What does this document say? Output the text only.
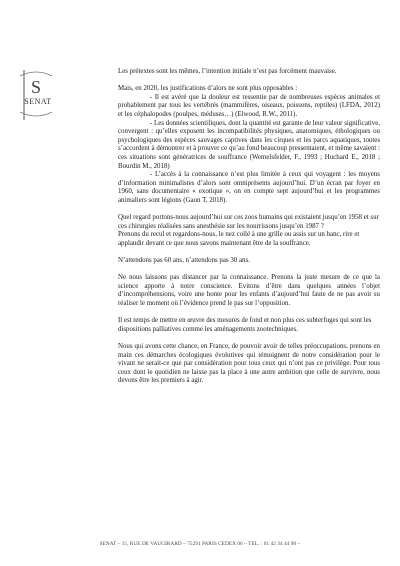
S
SENAT

Les prétextes sont les mêmes, l’intention initiale n’est pas forcément mauvaise.

Mais, en 2020, les justifications d’alors ne sont plus opposables :

- Il est avéré que la douleur est ressentie par de nombreuses espèces animales et probablement par tous les vertébrés (mammifères, oiseaux, poissons, reptiles) (LFDA, 2012) et les céphalopodes (poulpes, méduses…) (Elwood, R.W., 2011).

- Les données scientifiques, dont la quantité est garante de leur valeur significative, convergent : qu’elles exposent les incompatibilités physiques, anatomiques, éthologiques ou psychologiques des espèces sauvages captives dans les cirques et les parcs aquatiques, toutes s’accordent à démontrer et à prouver ce qu’au fond beaucoup pressentaient, et même savaient : ces situations sont génératrices de souffrance (Wemelsfelder, F., 1993 ; Huchard E., 2018 ; Bourdin M., 2018)

- L’accès à la connaissance n’est plus limitée à ceux qui voyagent : les moyens d’information minimalistes d’alors sont omniprésents aujourd’hui. D’un écran par foyer en 1960, sans documentaire « exotique », on en compte sept aujourd’hui et les programmes animaliers sont légions (Gaon T, 2018).

Quel regard portons-nous aujourd’hui sur ces zoos humains qui existaient jusqu’en 1958 et sur ces chirurgies réalisées sans anesthésie sur les nourrissons jusqu’en 1987 ?

Prenons du recul et regardons-nous, le nez collé à une grille ou assis sur un banc, rire et applaudir devant ce que nous savons maintenant être de la souffrance.

N’attendons pas 60 ans, n’attendons pas 30 ans.

Ne nous laissons pas distancer par la connaissance. Prenons la juste mesure de ce que la science apporte à notre conscience. Evitons d’être dans quelques années l’objet d’incompréhensions, voire une honte pour les enfants d’aujourd’hui faute de ne pas avoir su réaliser le moment où l’évidence prend le pas sur l’opposition.

Il est temps de mettre en œuvre des mesures de fond et non plus ces subterfuges qui sont les dispositions palliatives comme les aménagements zootechniques.

Nous qui avons cette chance, en France, de pouvoir avoir de telles préoccupations, prenons en main ces démarches écologiques évolutives qui témoignent de notre considération pour le vivant ne serait-ce que par considération pour tous ceux qui n’ont pas ce privilège. Pour tous ceux dont le quotidien ne laisse pas la place à une autre ambition que celle de survivre, nous devons être les premiers à agir.

SENAT – 15, RUE DE VAUGIRARD – 75291 PARIS CEDEX 06 – TEL. : 01 42 34 44 90 –
